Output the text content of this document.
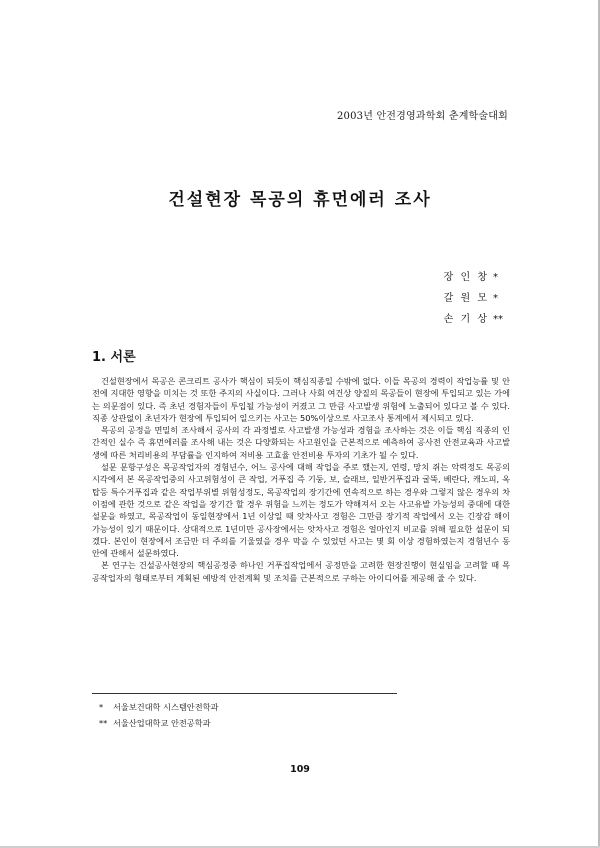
2003년 안전경영과학회 춘계학술대회
건설현장 목공의 휴먼에러 조사
장 인 창 *
갈 원 모 *
손 기 상 **
1. 서론

건설현장에서 목공은 콘크리트 공사가 핵심이 되듯이 핵심직종일 수밖에 없다. 이들 목공의 경력이 작업능률 및 안전에 지대한 영향을 미치는 것 또한 주지의 사실이다. 그러나 사회 여건상 양질의 목공들이 현장에 투입되고 있는 가에는 의문점이 있다. 즉 초년 경험자들이 투입될 가능성이 커졌고 그 만큼 사고발생 위험에 노출되어 있다고 볼 수 있다. 직종 상관없이 초년자가 현장에 투입되어 일으키는 사고는 50%이상으로 사고조사 통계에서 제시되고 있다.

목공의 공정을 면밀히 조사해서 공사의 각 과정별로 사고발생 가능성과 경험을 조사하는 것은 이들 핵심 직종의 인간적인 실수 즉 휴먼에러를 조사해 내는 것은 다양화되는 사고원인을 근본적으로 예측하여 공사전 안전교육과 사고발생에 따른 처리비용의 부담률을 인지하여 저비용 고효율 안전비용 투자의 기초가 될 수 있다.

설문 문항구성은 목공작업자의 경험년수, 어느 공사에 대해 작업을 주로 했는지, 연령, 망치 쥐는 악력정도 목공의 시각에서 본 목공작업중의 사고위험성이 큰 작업, 거푸집 즉 기둥, 보, 슬래브, 일반거푸집과 굴뚝, 베란다, 캐노피, 옥탑등 특수거푸집과 같은 작업부위별 위험성정도, 목공작업의 장기간에 연속적으로 하는 경우와 그렇지 않은 경우의 차이점에 관한 것으로 같은 작업을 장기간 할 경우 위험을 느끼는 정도가 약해져서 오는 사고유발 가능성의 중대에 대한 설문을 하였고, 목공작업이 동일현장에서 1년 이상일 때 앗차사고 경험은 그만큼 장기적 작업에서 오는 긴장감 해이 가능성이 있기 때문이다. 상대적으로 1년미만 공사장에서는 앗차사고 경험은 얼마인지 비교를 위해 필요한 설문이 되겠다. 본인이 현장에서 조금만 더 주의를 기울였을 경우 막을 수 있었던 사고는 몇 회 이상 경험하였는지 경험년수 동안에 관해서 설문하였다.

본 연구는 건설공사현장의 핵심공정중 하나인 거푸집작업에서 공정만을 고려한 현장진행이 현실임을 고려할 때 목공작업자의 형태로부터 계획된 예방적 안전계획 및 조치를 근본적으로 구하는 아이디어를 제공해 줄 수 있다.

* 서울보건대학 시스템안전학과
** 서울산업대학교 안전공학과
109
